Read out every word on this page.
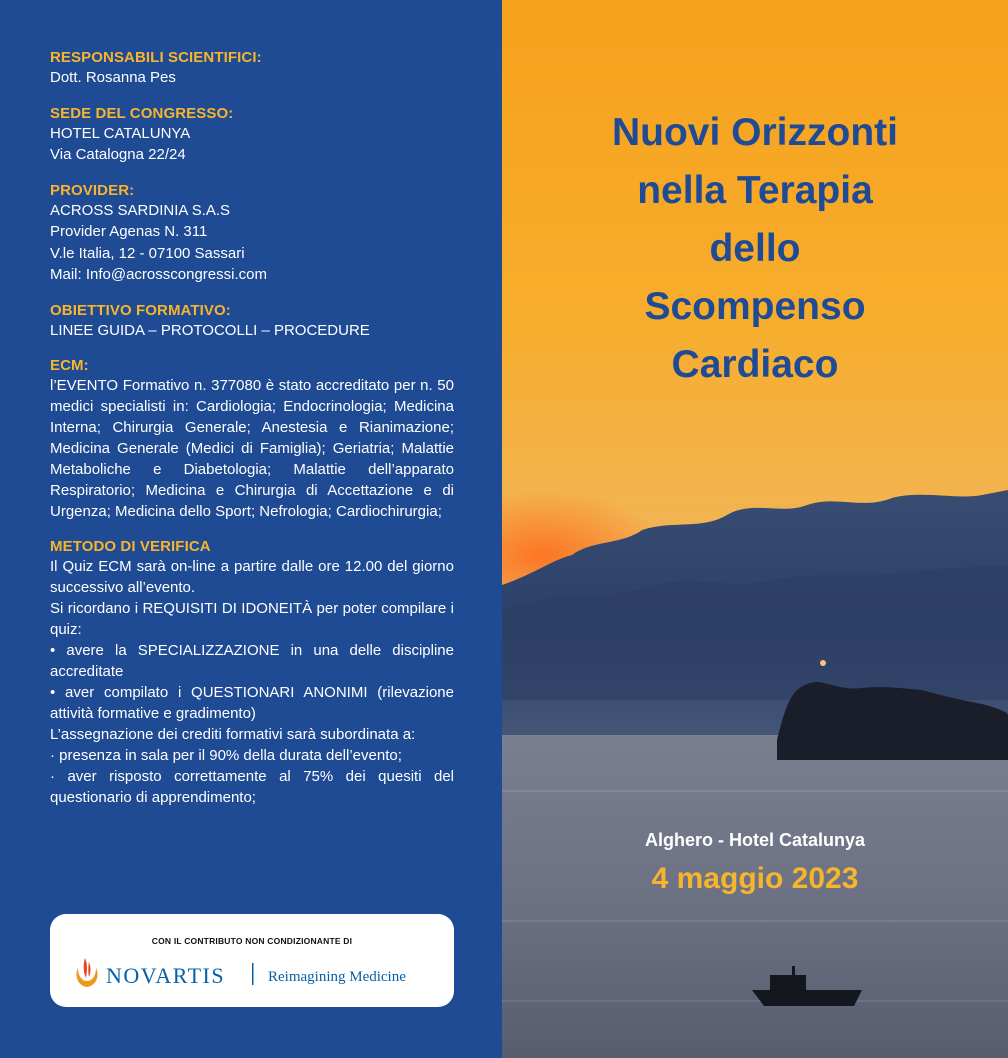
RESPONSABILI SCIENTIFICI:
Dott. Rosanna Pes
SEDE DEL CONGRESSO:
HOTEL CATALUNYA
Via Catalogna 22/24
PROVIDER:
ACROSS SARDINIA S.A.S
Provider Agenas N. 311
V.le Italia, 12 - 07100 Sassari
Mail: Info@acrosscongressi.com
OBIETTIVO FORMATIVO:
LINEE GUIDA – PROTOCOLLI – PROCEDURE
ECM:

l’EVENTO Formativo n. 377080 è stato accreditato per n. 50 medici specialisti in: Cardiologia; Endocrinologia; Medicina Interna; Chirurgia Generale; Anestesia e Rianimazione; Medicina Generale (Medici di Famiglia); Geriatria; Malattie Metaboliche e Diabetologia; Malattie dell’apparato Respiratorio; Medicina e Chirurgia di Accettazione e di Urgenza; Medicina dello Sport; Nefrologia; Cardiochirurgia;

METODO DI VERIFICA

Il Quiz ECM sarà on-line a partire dalle ore 12.00 del giorno successivo all’evento.

Si ricordano i REQUISITI DI IDONEITÀ per poter compilare i quiz:

• avere la SPECIALIZZAZIONE in una delle discipline accreditate

• aver compilato i QUESTIONARI ANONIMI (rilevazione attività formative e gradimento)

L’assegnazione dei crediti formativi sarà subordinata a:

· presenza in sala per il 90% della durata dell’evento;

· aver risposto correttamente al 75% dei quesiti del questionario di apprendimento;

CON IL CONTRIBUTO NON CONDIZIONANTE DI
NOVARTIS	Reimagining Medicine
Nuovi Orizzonti
nella Terapia
dello
Scompenso
Cardiaco
Alghero - Hotel Catalunya
4 maggio 2023
